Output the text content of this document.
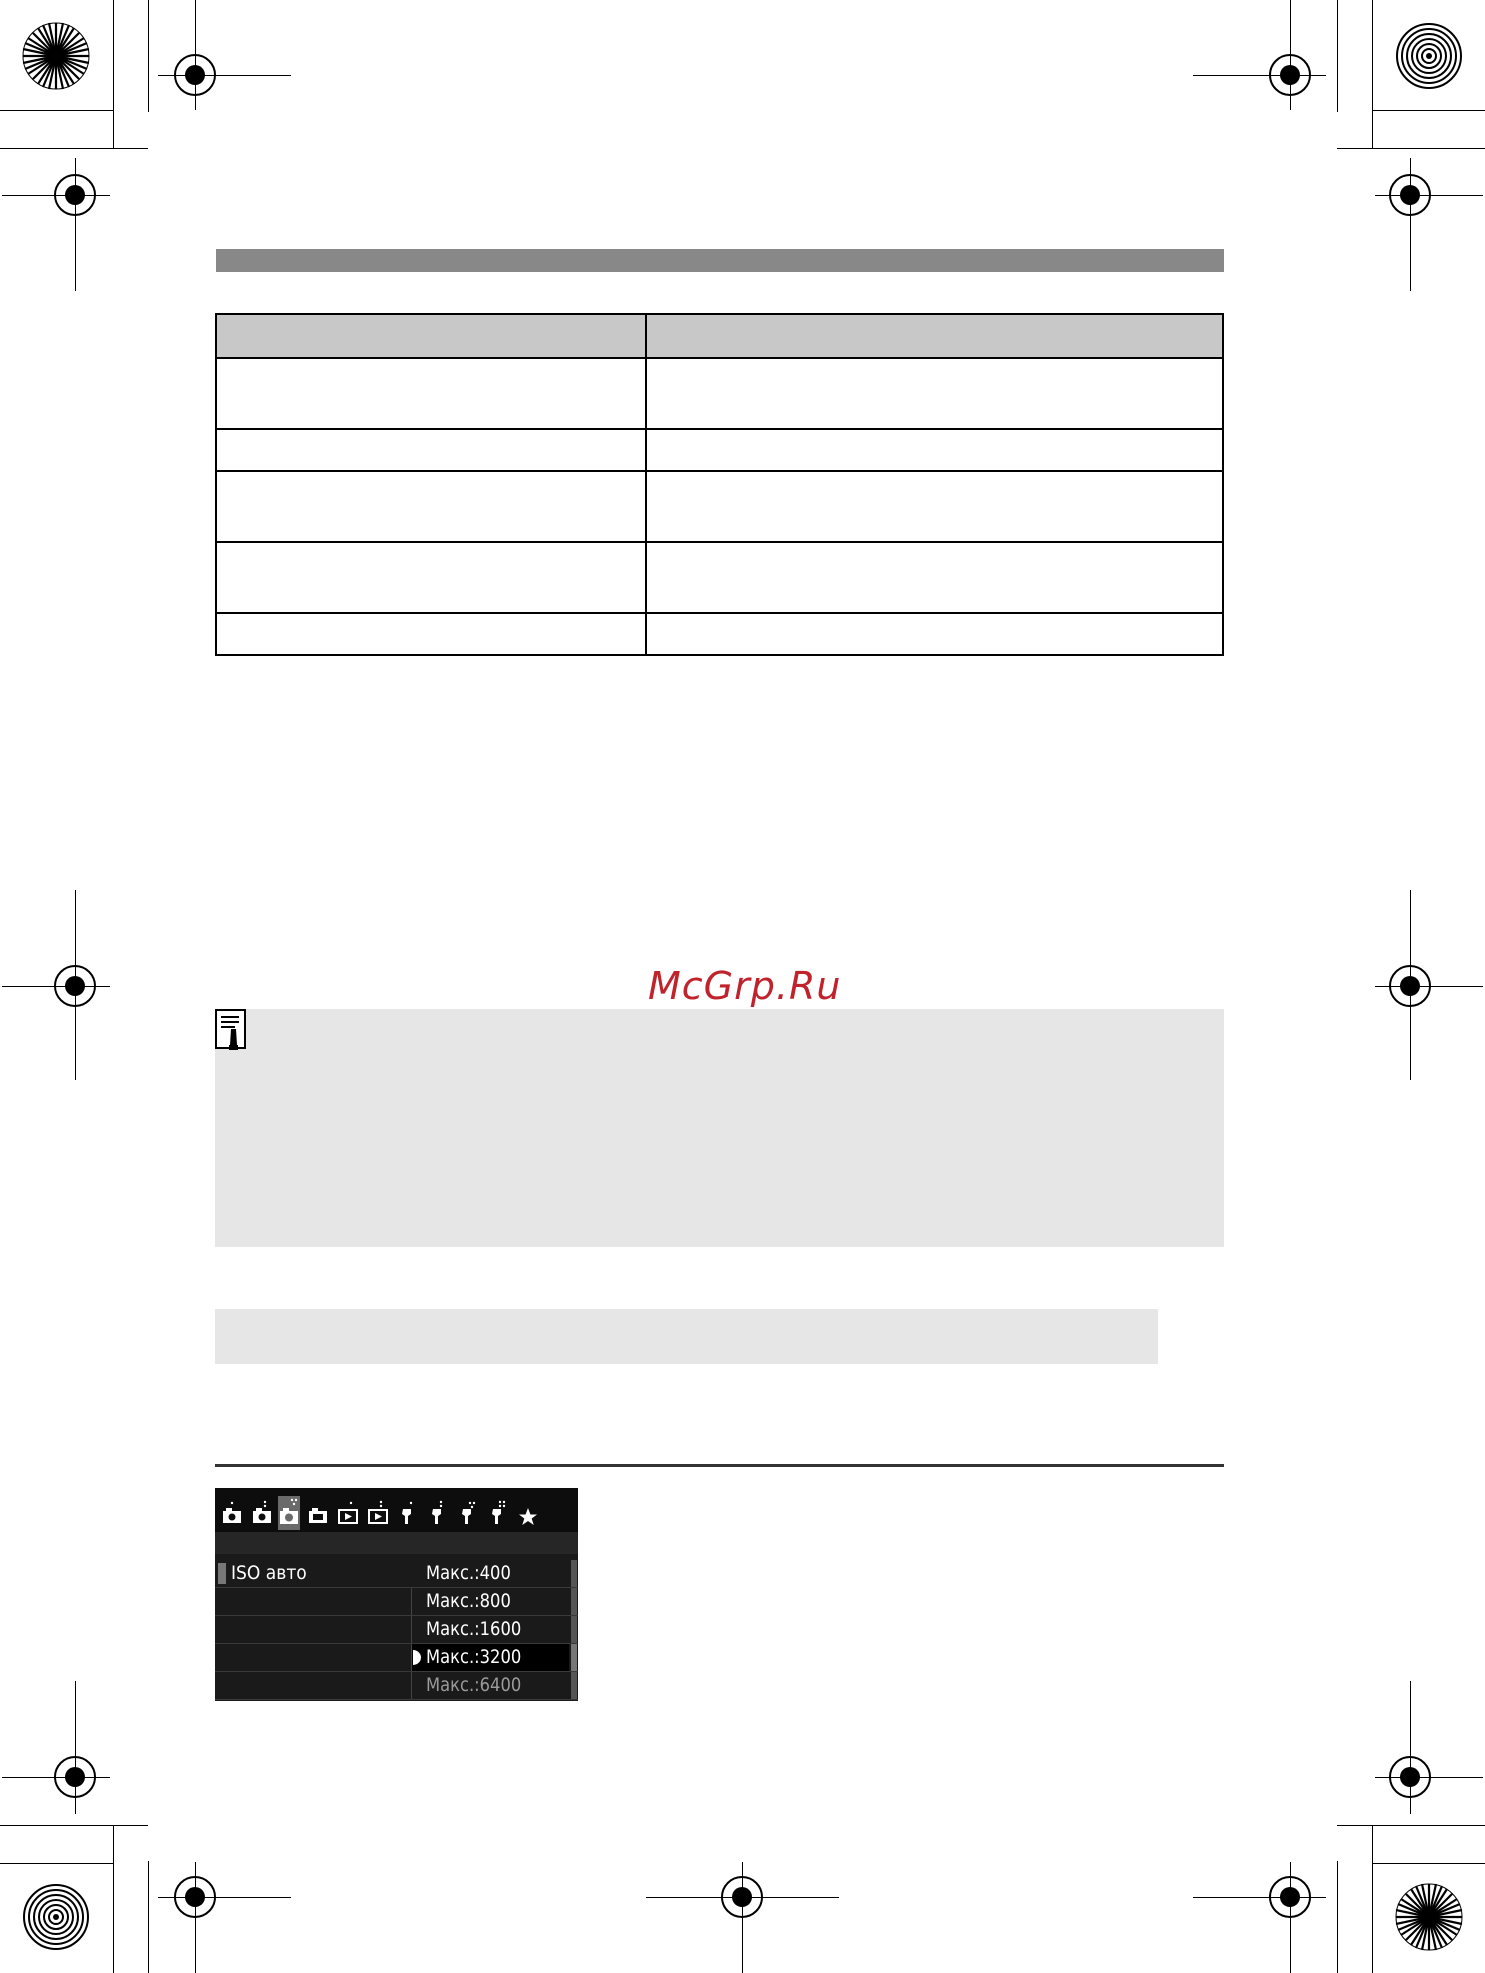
McGrp.Ru
ISO авто	Макс.:400
Макс.:800
Макс.:1600
Макс.:3200
Макс.:6400
